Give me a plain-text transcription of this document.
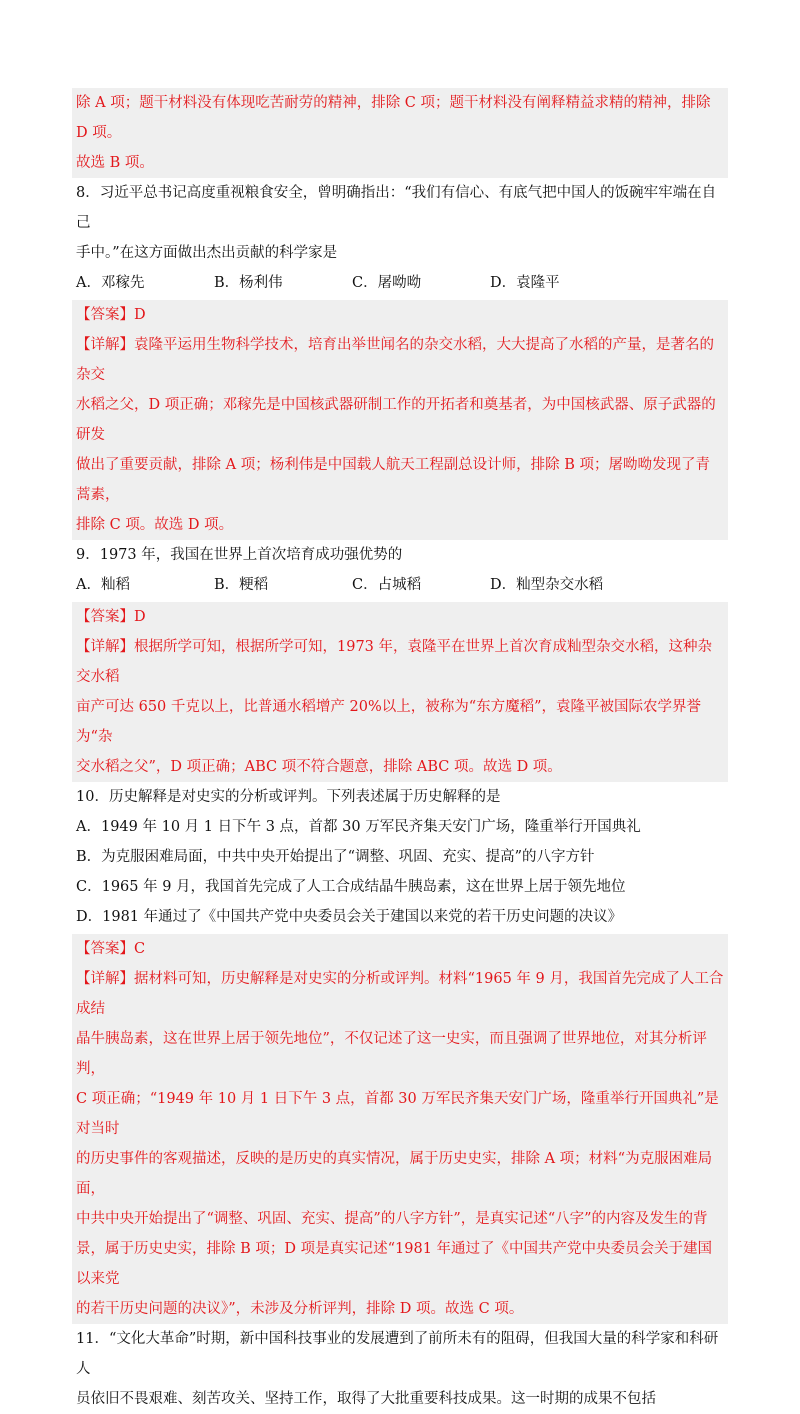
除 A 项；题干材料没有体现吃苦耐劳的精神，排除 C 项；题干材料没有阐释精益求精的精神，排除 D 项。

故选 B 项。

8．习近平总书记高度重视粮食安全，曾明确指出：“我们有信心、有底气把中国人的饭碗牢牢端在自己

手中。”在这方面做出杰出贡献的科学家是

A．邓稼先	B．杨利伟	C．屠呦呦	D．袁隆平

【答案】D

【详解】袁隆平运用生物科学技术，培育出举世闻名的杂交水稻，大大提高了水稻的产量，是著名的杂交

水稻之父，D 项正确；邓稼先是中国核武器研制工作的开拓者和奠基者，为中国核武器、原子武器的研发

做出了重要贡献，排除 A 项；杨利伟是中国载人航天工程副总设计师，排除 B 项；屠呦呦发现了青蒿素，

排除 C 项。故选 D 项。

9．1973 年，我国在世界上首次培育成功强优势的

A．籼稻	B．粳稻	C．占城稻	D．籼型杂交水稻

【答案】D

【详解】根据所学可知，根据所学可知，1973 年，袁隆平在世界上首次育成籼型杂交水稻，这种杂交水稻

亩产可达 650 千克以上，比普通水稻增产 20%以上，被称为“东方魔稻”，袁隆平被国际农学界誉为“杂

交水稻之父”，D 项正确；ABC 项不符合题意，排除 ABC 项。故选 D 项。

10．历史解释是对史实的分析或评判。下列表述属于历史解释的是

A．1949 年 10 月 1 日下午 3 点，首都 30 万军民齐集天安门广场，隆重举行开国典礼

B．为克服困难局面，中共中央开始提出了“调整、巩固、充实、提高”的八字方针

C．1965 年 9 月，我国首先完成了人工合成结晶牛胰岛素，这在世界上居于领先地位

D．1981 年通过了《中国共产党中央委员会关于建国以来党的若干历史问题的决议》

【答案】C

【详解】据材料可知，历史解释是对史实的分析或评判。材料“1965 年 9 月，我国首先完成了人工合成结

晶牛胰岛素，这在世界上居于领先地位”，不仅记述了这一史实，而且强调了世界地位，对其分析评判，

C 项正确；“1949 年 10 月 1 日下午 3 点，首都 30 万军民齐集天安门广场，隆重举行开国典礼”是对当时

的历史事件的客观描述，反映的是历史的真实情况，属于历史史实，排除 A 项；材料“为克服困难局面，

中共中央开始提出了“调整、巩固、充实、提高”的八字方针”，是真实记述“八字”的内容及发生的背

景，属于历史史实，排除 B 项；D 项是真实记述“1981 年通过了《中国共产党中央委员会关于建国以来党

的若干历史问题的决议》”，未涉及分析评判，排除 D 项。故选 C 项。

11．“文化大革命”时期，新中国科技事业的发展遭到了前所未有的阻碍，但我国大量的科学家和科研人

员依旧不畏艰难、刻苦攻关、坚持工作，取得了大批重要科技成果。这一时期的成果不包括
